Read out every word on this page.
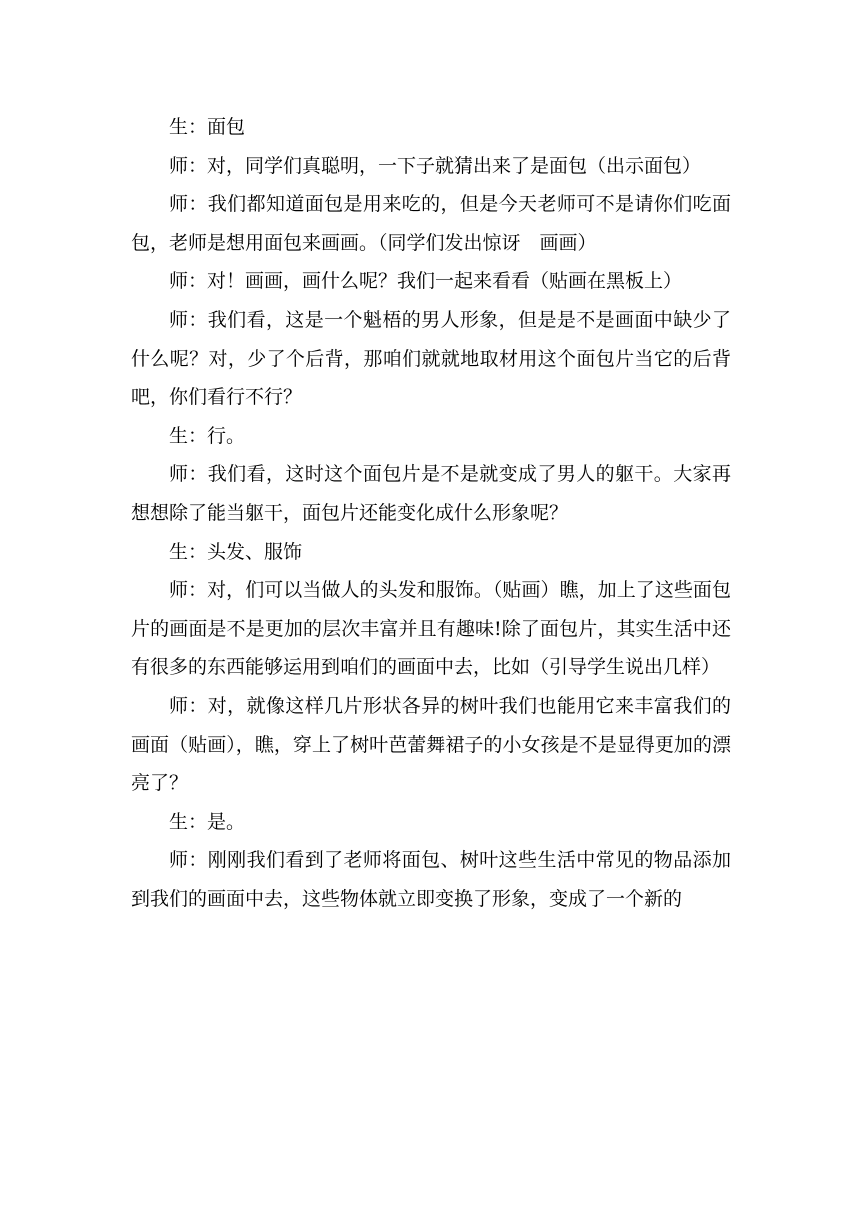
生：面包

师：对，同学们真聪明，一下子就猜出来了是面包（出示面包）

师：我们都知道面包是用来吃的，但是今天老师可不是请你们吃面包，老师是想用面包来画画。（同学们发出惊讶　画画）

师：对！画画，画什么呢？我们一起来看看（贴画在黑板上）

师：我们看，这是一个魁梧的男人形象，但是是不是画面中缺少了什么呢？对，少了个后背，那咱们就就地取材用这个面包片当它的后背吧，你们看行不行？

生：行。

师：我们看，这时这个面包片是不是就变成了男人的躯干。大家再想想除了能当躯干，面包片还能变化成什么形象呢？

生：头发、服饰

师：对，们可以当做人的头发和服饰。（贴画）瞧，加上了这些面包片的画面是不是更加的层次丰富并且有趣味!除了面包片，其实生活中还有很多的东西能够运用到咱们的画面中去，比如（引导学生说出几样）

师：对，就像这样几片形状各异的树叶我们也能用它来丰富我们的画面（贴画），瞧，穿上了树叶芭蕾舞裙子的小女孩是不是显得更加的漂亮了？

生：是。

师：刚刚我们看到了老师将面包、树叶这些生活中常见的物品添加到我们的画面中去，这些物体就立即变换了形象，变成了一个新的
